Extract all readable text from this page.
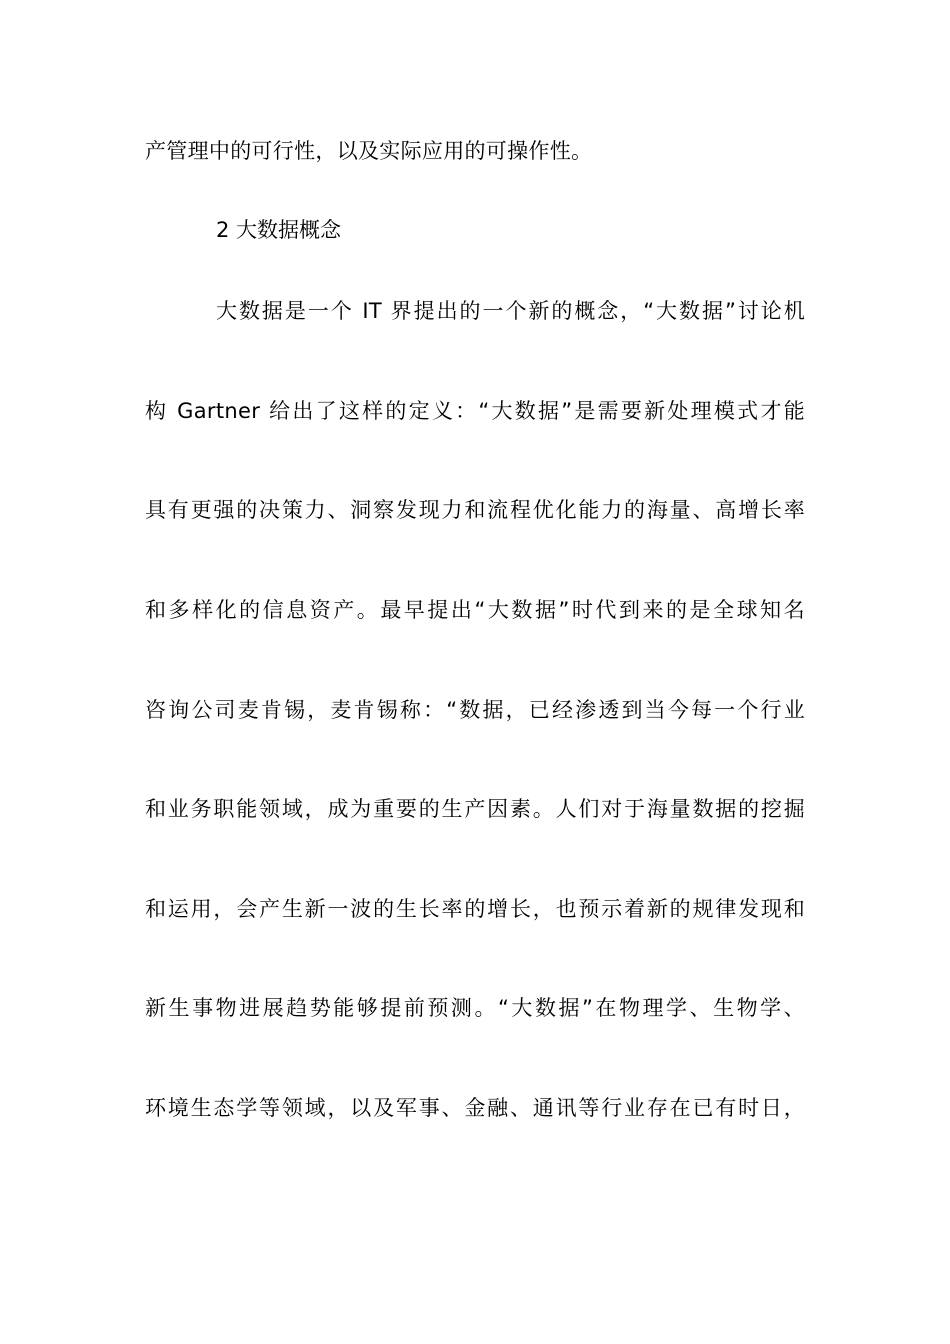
产管理中的可行性，以及实际应用的可操作性。
2 大数据概念
大数据是一个 IT 界提出的一个新的概念，“大数据”讨论机
构 Gartner 给出了这样的定义：“大数据”是需要新处理模式才能
具有更强的决策力、洞察发现力和流程优化能力的海量、高增长率
和多样化的信息资产。最早提出“大数据”时代到来的是全球知名
咨询公司麦肯锡，麦肯锡称：“数据，已经渗透到当今每一个行业
和业务职能领域，成为重要的生产因素。人们对于海量数据的挖掘
和运用，会产生新一波的生长率的增长，也预示着新的规律发现和
新生事物进展趋势能够提前预测。“大数据”在物理学、生物学、
环境生态学等领域，以及军事、金融、通讯等行业存在已有时日，
